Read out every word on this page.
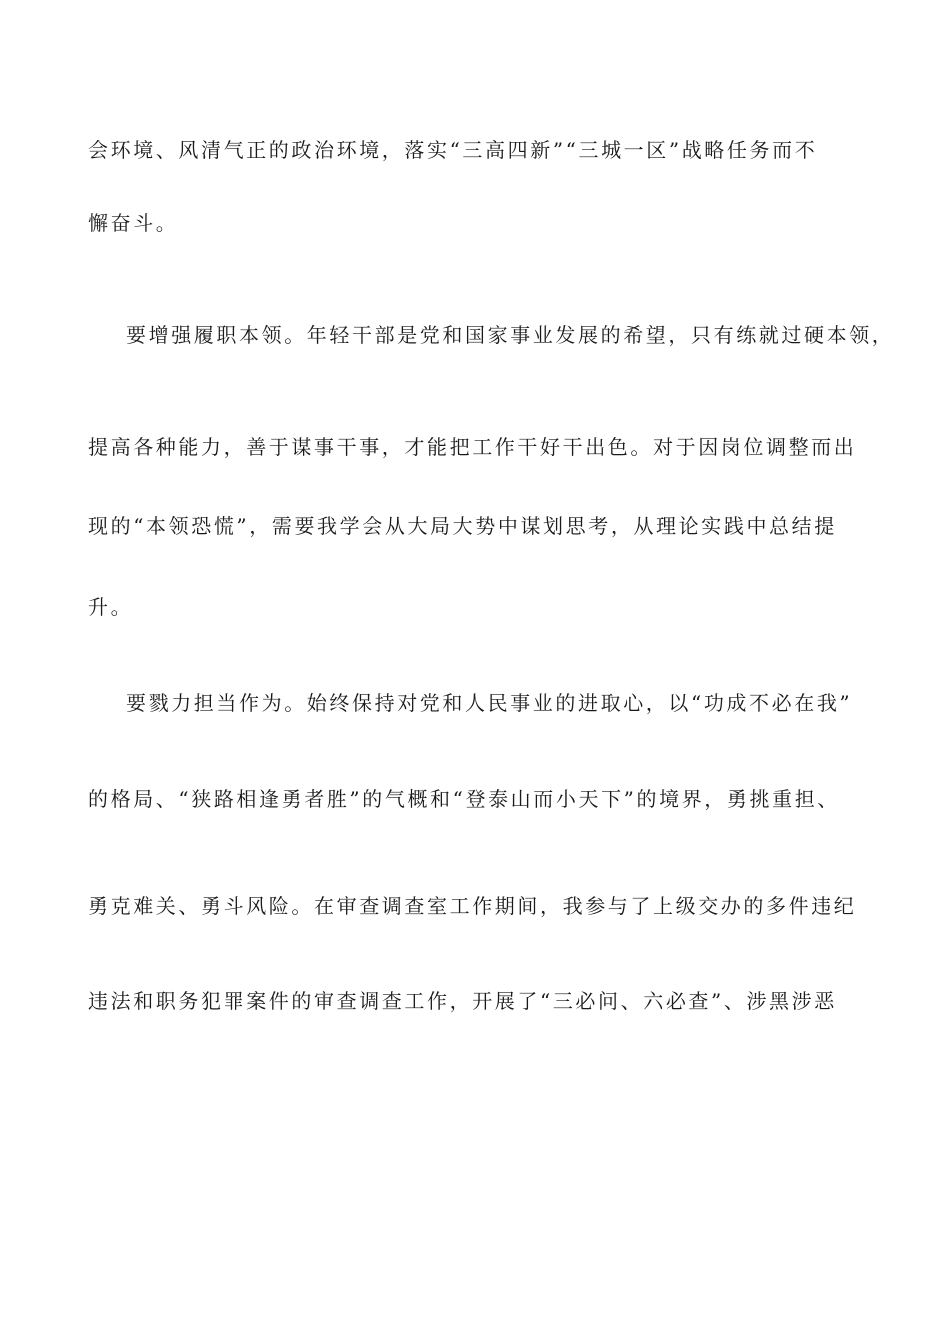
会环境、风清气正的政治环境，落实“三高四新”“三城一区”战略任务而不
懈奋斗。
要增强履职本领。年轻干部是党和国家事业发展的希望，只有练就过硬本领，
提高各种能力，善于谋事干事，才能把工作干好干出色。对于因岗位调整而出
现的“本领恐慌”，需要我学会从大局大势中谋划思考，从理论实践中总结提
升。
要戮力担当作为。始终保持对党和人民事业的进取心，以“功成不必在我”
的格局、“狭路相逢勇者胜”的气概和“登泰山而小天下”的境界，勇挑重担、
勇克难关、勇斗风险。在审查调查室工作期间，我参与了上级交办的多件违纪
违法和职务犯罪案件的审查调查工作，开展了“三必问、六必查”、涉黑涉恶
